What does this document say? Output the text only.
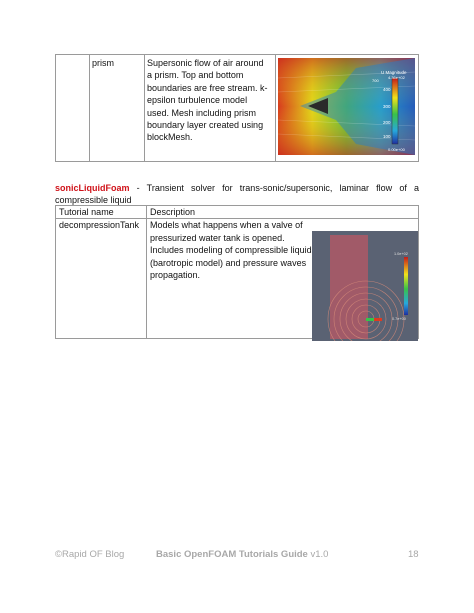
	prism	Supersonic flow of air around a prism. Top and bottom boundaries are free stream. k-epsilon turbulence model used. Mesh including prism boundary layer created using blockMesh.	
U Magnitude
4.36e+02
400
300
200
100
0.00e+00
700
sonicLiquidFoam - Transient solver for trans-sonic/supersonic, laminar flow of a compressible liquid
Tutorial name	Description
decompressionTank	Models what happens when a valve of pressurized water tank is opened. Includes modeling of compressible liquid (barotropic model) and pressure waves propagation.
1.0e+02
0.7e+00
©Rapid OF Blog	Basic OpenFOAM Tutorials Guide v1.0	18
